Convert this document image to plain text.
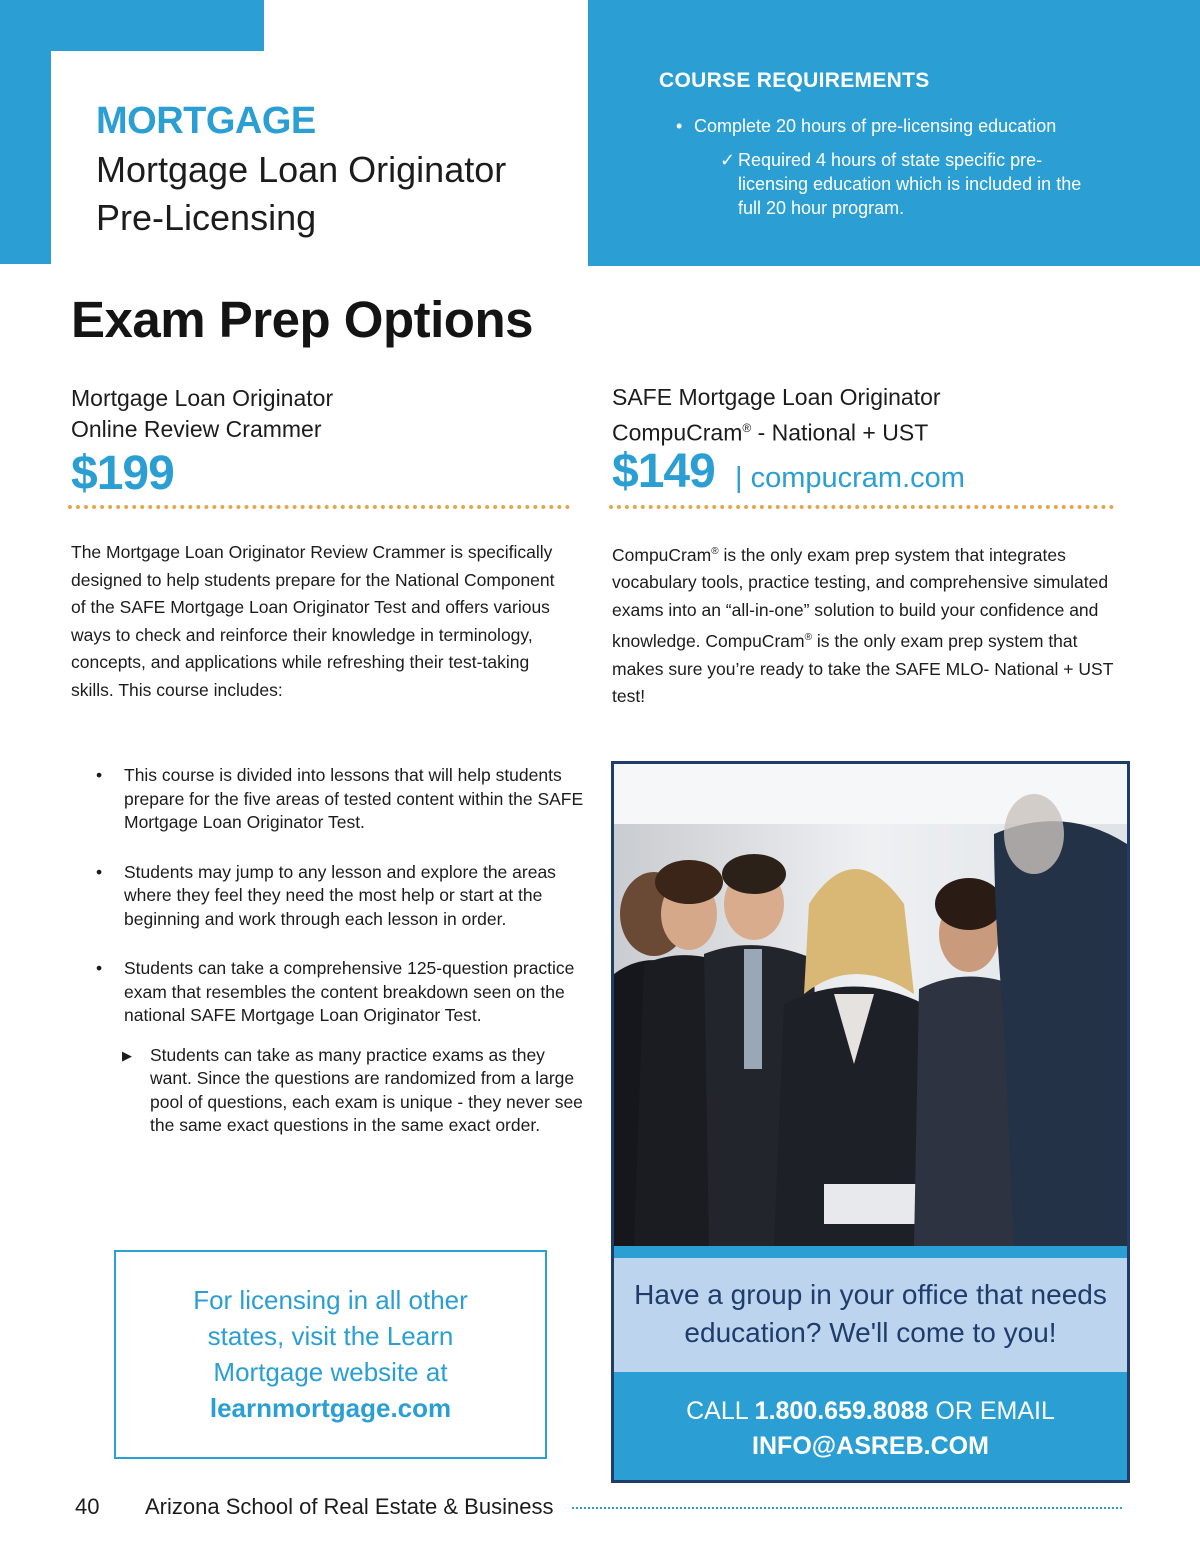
MORTGAGE
Mortgage Loan Originator
Pre-Licensing
COURSE REQUIREMENTS
• Complete 20 hours of pre-licensing education
✓ Required 4 hours of state specific pre-licensing education which is included in the full 20 hour program.
Exam Prep Options
Mortgage Loan Originator
Online Review Crammer
$199
The Mortgage Loan Originator Review Crammer is specifically designed to help students prepare for the National Component of the SAFE Mortgage Loan Originator Test and offers various ways to check and reinforce their knowledge in terminology, concepts, and applications while refreshing their test-taking skills. This course includes:
• This course is divided into lessons that will help students prepare for the five areas of tested content within the SAFE Mortgage Loan Originator Test.
• Students may jump to any lesson and explore the areas where they feel they need the most help or start at the beginning and work through each lesson in order.
• Students can take a comprehensive 125-question practice exam that resembles the content breakdown seen on the national SAFE Mortgage Loan Originator Test.
▶ Students can take as many practice exams as they want. Since the questions are randomized from a large pool of questions, each exam is unique - they never see the same exact questions in the same exact order.
For licensing in all other states, visit the Learn Mortgage website at
learnmortgage.com
SAFE Mortgage Loan Originator
CompuCram® - National + UST
$149 | compucram.com
CompuCram® is the only exam prep system that integrates vocabulary tools, practice testing, and comprehensive simulated exams into an “all-in-one” solution to build your confidence and knowledge. CompuCram® is the only exam prep system that makes sure you’re ready to take the SAFE MLO- National + UST test!
Have a group in your office that needs education? We'll come to you!
CALL 1.800.659.8088 OR EMAIL
INFO@ASREB.COM
40 Arizona School of Real Estate & Business
